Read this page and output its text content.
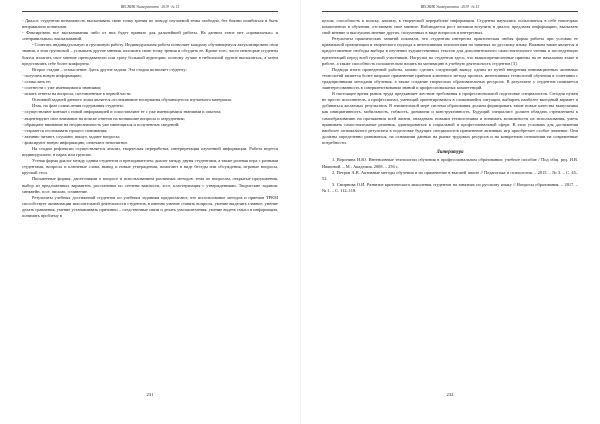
ВЕСНИК Университета · 2019 · № 15

- Диалог, студентам возможность высказывать свою точку зрения по поводу изучаемой темы свободно, без боязни ошибиться и быть неправильно понятыми.

- Фиксировать все высказывания либо от них будет принято для дальнейшей работы. На данном этапе нет «правильных» и «неправильных» высказываний.

- Сочетать индивидуальную и групповую работу. Индивидуальная работа позволяет каждому обучающемуся актуализировать свои знания, а этап групповой – услышать другие мнения, изложить свою точку зрения и обсудить ее. Кроме того, часто некоторые студенты боятся излагать свое мнение преподавателю или сразу большой аудитории, поэтому лучше в небольшой группе высказаться, а затем представлять себе более комфортно.

Второе стадии – осмысление. Здесь другие задачи. Эта стадия позволяет студенту:

- получить новую информацию;

- осмыслить ее;

- соотнести с уже имеющимися знаниями;

- искать ответы на вопросы, поставленные в первой части.

Основной задачей данного этапа является отслеживание восприятия обучающегося изучаемого материала.

Итак, на фазе осмысления содержания студенты:

- осуществляют контакт с новой информацией и сопоставляют ее с уже имеющимися знаниями и опытом;

- акцентируют свое внимание на поиске ответов на возникшие вопросы и затруднения;

- обращают внимание на неоднозначность уже имеющихся и полученных сведений;

- стараются отслеживать процесс понимания;

- активно читают, слушают, пишут, задают вопросы;

- фиксируют новую информацию, отмечают непонятное.

На стадии рефлексии осуществляется анализ, творческая переработка, интерпретация изученной информации. Работа ведется индивидуально, в парах или группах.

Устная форма диалог между одним студентом и преподавателем; диалог между двумя студентами, а также ролевая игра с разными студентами, вопросы и ключевые слова, вывод и новые утверждения, помогают в виде беседы или обсуждения, игровые вопросы, круглый стол.

Письменные формы: двоеточиями о вопросе и использованием различных методов: тема по вопросам, открытые предложения, выбор из предложенных вариантов, расстановка по степени важности, эссе, кластеризация с утверждениями. Творческие задания: синквейн, эссе, письмо, сочинение.

Результаты учебных достижений студентов по учебным заданиям предполагают, что использование методов и приемов ТРКМ способствует активизации мыслительной деятельности студентов, в именно умение ставить вопросы, умение выделять главное, умение делать сравнения, умение устанавливать причинно – следственные связи и делать умозаключения; умение видеть смысл в информации, понимать проблему в

231
ВЕСНИК Университета · 2019 · № 15

целом; способность к поиску, анализу, к творческой переработке информации. Студенты научились пользоваться в себе некоторых компонентах в обучении, отстаивать свое мнение. Наблюдается рост желания вступить в диалог, предлагая информацию, высказать свой мнение и выслушать мнение других, полученных в виде вопросов и интересных.

Результаты практических занятий показали, что студентам интересна практическая любая форма работы при условии ее правильной организации и творческого подхода к интенсивным технологиям на занятиях по русскому языку. Важным также является и предоставление свободы выбора в изучении художественных текстов для дополнительного самостоятельного чтения и последующих презентаций перед всей группой участников. Нагрузка на студентов здесь, что вышеперечисленные приемы на ее начальном этапе в работе, а также способность положительно влиять на мотивацию в учебную деятельность студентов [3].

Подводя итоги проведенной работы, можно сделать следующий вывод: одним из путей внедрения инновационных активных технологий является более широкое применение приёмов ключевого метода проекта, интенсивных технологий обучения в сочетании с традиционными методами обучения, а также создание творческих образовательных ресурсов. В результате у студентов появляется заинтересованность в совершенствовании знаний и профессиональных компетенций.

В настоящее время рынок труда предъявляет жесткие требования к профессиональной подготовке специалистов. Сегодня нужен не просто исполнитель, а профессионал, умеющий ориентироваться в сложившейся ситуации, выбирать наиболее выгодный вариант и добиваться желаемых результатов. В значительной мере система образования должна формировать такие новые качества выпускника как инициативность, мобильность, гибкость, динамизм и конструктивность. Будущий специалист должен обладать стремлением к самообразованию на протяжении всей жизни, овладевать новыми технологиями и понимать возможности их использования, уметь принимать самостоятельные решения, адаптироваться в социальной и профессиональной сфере. В этих условиях для достижения наиболее оптимального результата в подготовке будущих специалистов применение активных игр приобретает особое значение. Они должны определенно развиваться, на основании данных на рынке трудовых ресурсов и на конкретном отношении на современные потребности.

Литература

1. Воронина Н.Ю. Интенсивные технологии обучения в профессиональном образовании: учебное пособие / Под общ. ред. И.В. Ивановой. – М.: Академия, 2008. – 256 с.

2. Петров А.В. Активные методы обучения и их применение в высшей школе // Педагогика и психология. – 2015. – № 3. – С. 45–52.

3. Смирнова О.И. Развитие критического мышления студентов на занятиях по русскому языку // Вопросы образования. – 2017. – № 1. – С. 112–118.

232
